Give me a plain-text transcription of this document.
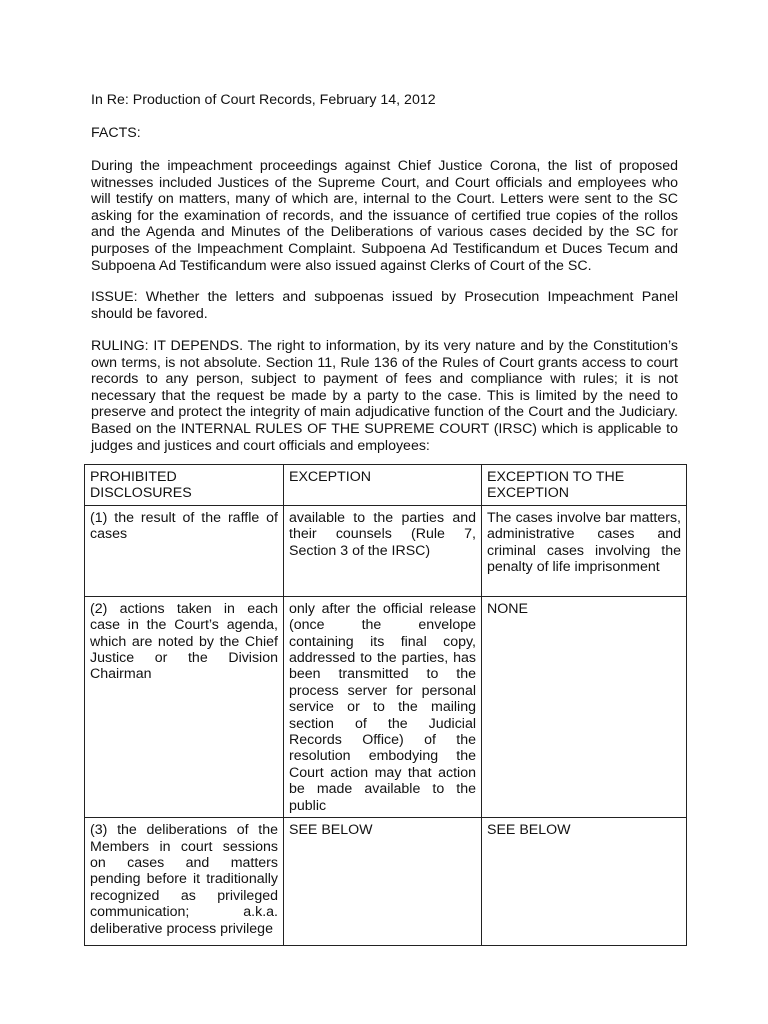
In Re: Production of Court Records, February 14, 2012
FACTS:
During the impeachment proceedings against Chief Justice Corona, the list of proposed witnesses included Justices of the Supreme Court, and Court officials and employees who will testify on matters, many of which are, internal to the Court. Letters were sent to the SC asking for the examination of records, and the issuance of certified true copies of the rollos and the Agenda and Minutes of the Deliberations of various cases decided by the SC for purposes of the Impeachment Complaint. Subpoena Ad Testificandum et Duces Tecum and Subpoena Ad Testificandum were also issued against Clerks of Court of the SC.
ISSUE: Whether the letters and subpoenas issued by Prosecution Impeachment Panel should be favored.
RULING: IT DEPENDS. The right to information, by its very nature and by the Constitution’s own terms, is not absolute. Section 11, Rule 136 of the Rules of Court grants access to court records to any person, subject to payment of fees and compliance with rules; it is not necessary that the request be made by a party to the case. This is limited by the need to preserve and protect the integrity of main adjudicative function of the Court and the Judiciary. Based on the INTERNAL RULES OF THE SUPREME COURT (IRSC) which is applicable to judges and justices and court officials and employees:
PROHIBITED DISCLOSURES	EXCEPTION	EXCEPTION TO THE EXCEPTION
(1) the result of the raffle of cases	available to the parties and their counsels (Rule 7, Section 3 of the IRSC)	The cases involve bar matters, administrative cases and criminal cases involving the penalty of life imprisonment
(2) actions taken in each case in the Court’s agenda, which are noted by the Chief Justice or the Division Chairman	only after the official release (once the envelope containing its final copy, addressed to the parties, has been transmitted to the process server for personal service or to the mailing section of the Judicial Records Office) of the resolution embodying the Court action may that action be made available to the public	NONE
(3) the deliberations of the Members in court sessions on cases and matters pending before it traditionally recognized as privileged communication; a.k.a. deliberative process privilege	SEE BELOW	SEE BELOW
